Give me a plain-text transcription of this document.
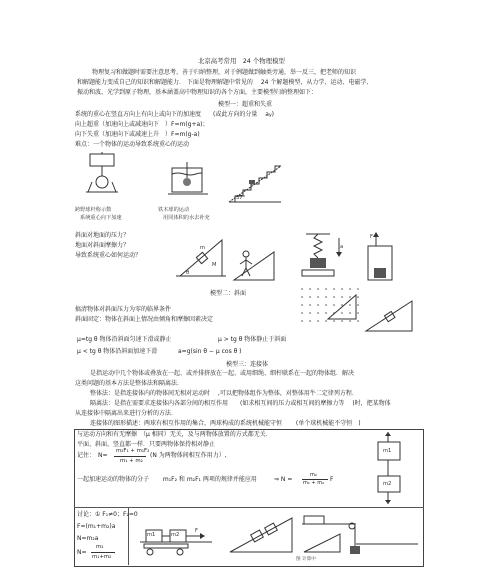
北京高考常用　24 个物理模型
物理复习和做题时需要注意思考、善于归纳整理，对于例题做到触类旁通，举一反三，把老师的知识
和解题能力变成自己的知识和解题能力． 下面是物理解题中常见的　 24 个解题模型，从力学、运动、电磁学、
振动和波、光学到原子物理，基本涵盖高中物理知识的各个方面，主要模型归纳整理如下：
模型一：超重和失重
系统的重心在竖直方向上有向上或向下的加速度　　(或此方向的分量　 ay)
向上超重（加速向上或减速向下　）F=m(g+a)；
向下失重（加速向下或减速上升　）F=m(g-a)
难点：一个物体的运动导致系统重心的运动
跨野球杆称示数
系统重心向下加速
铁木球的运动
用同体积的水去补充
37°
斜面对地面的压力？
地面对斜面摩擦力？
导致系统重心如何运动？
m
M
θ
a
F
模型二：斜面
搞清物体对斜面压力为零的临界条件
斜面固定：物体在斜面上情况由倾角和摩擦因素决定
μ=tg θ 物体沿斜面匀速下滑或静止	μ > tg θ 物体静止于斜面
μ < tg θ 物体沿斜面加速下滑	a=g(sin θ − μ cos θ )
模型三：连接体
是指运动中几个物体或叠放在一起、或并排挤放在一起、或用细绳、细杆联系在一起的物体组．解决
这类问题的基本方法是整体法和隔离法．
整体法：是指连接体内的物体间无相对运动时　 ,可以把物体组作为整体，对整体用牛二定律列方程．
隔离法：是指在需要求连接体内各部分间的相互作用　　(如求相互间的压力或相互间的摩擦力等　 )时，把某物体
从连接体中隔离出来进行分析的方法．
连接体的图形描述：两球有相互作用的集合，两球构成的系统机械能守恒　　 (单个球机械能不守恒　)
与运动方向和有无摩擦　（μ 相同）无关，及与两物体放置的方式都无关．
平面、斜面、竖直都一样．只要两物体保持相对静止
记住：　N=
m₂F₁ + m₁F₂
m₁ + m₂
(N 为两物体间相互作用力）,
一起加速运动的物体的分子　　 m₁F₂ 和 m₂F₁ 两项的规律并能应用	⇒ N =
m₂
m₁ + m₂ F
m1
m2
讨论：① F₁≠0；F₂=0
F=(m₁+m₂)a
N=m₂a
N=
m₂
m₁+m₂
m1	m2
F
图 计算中
